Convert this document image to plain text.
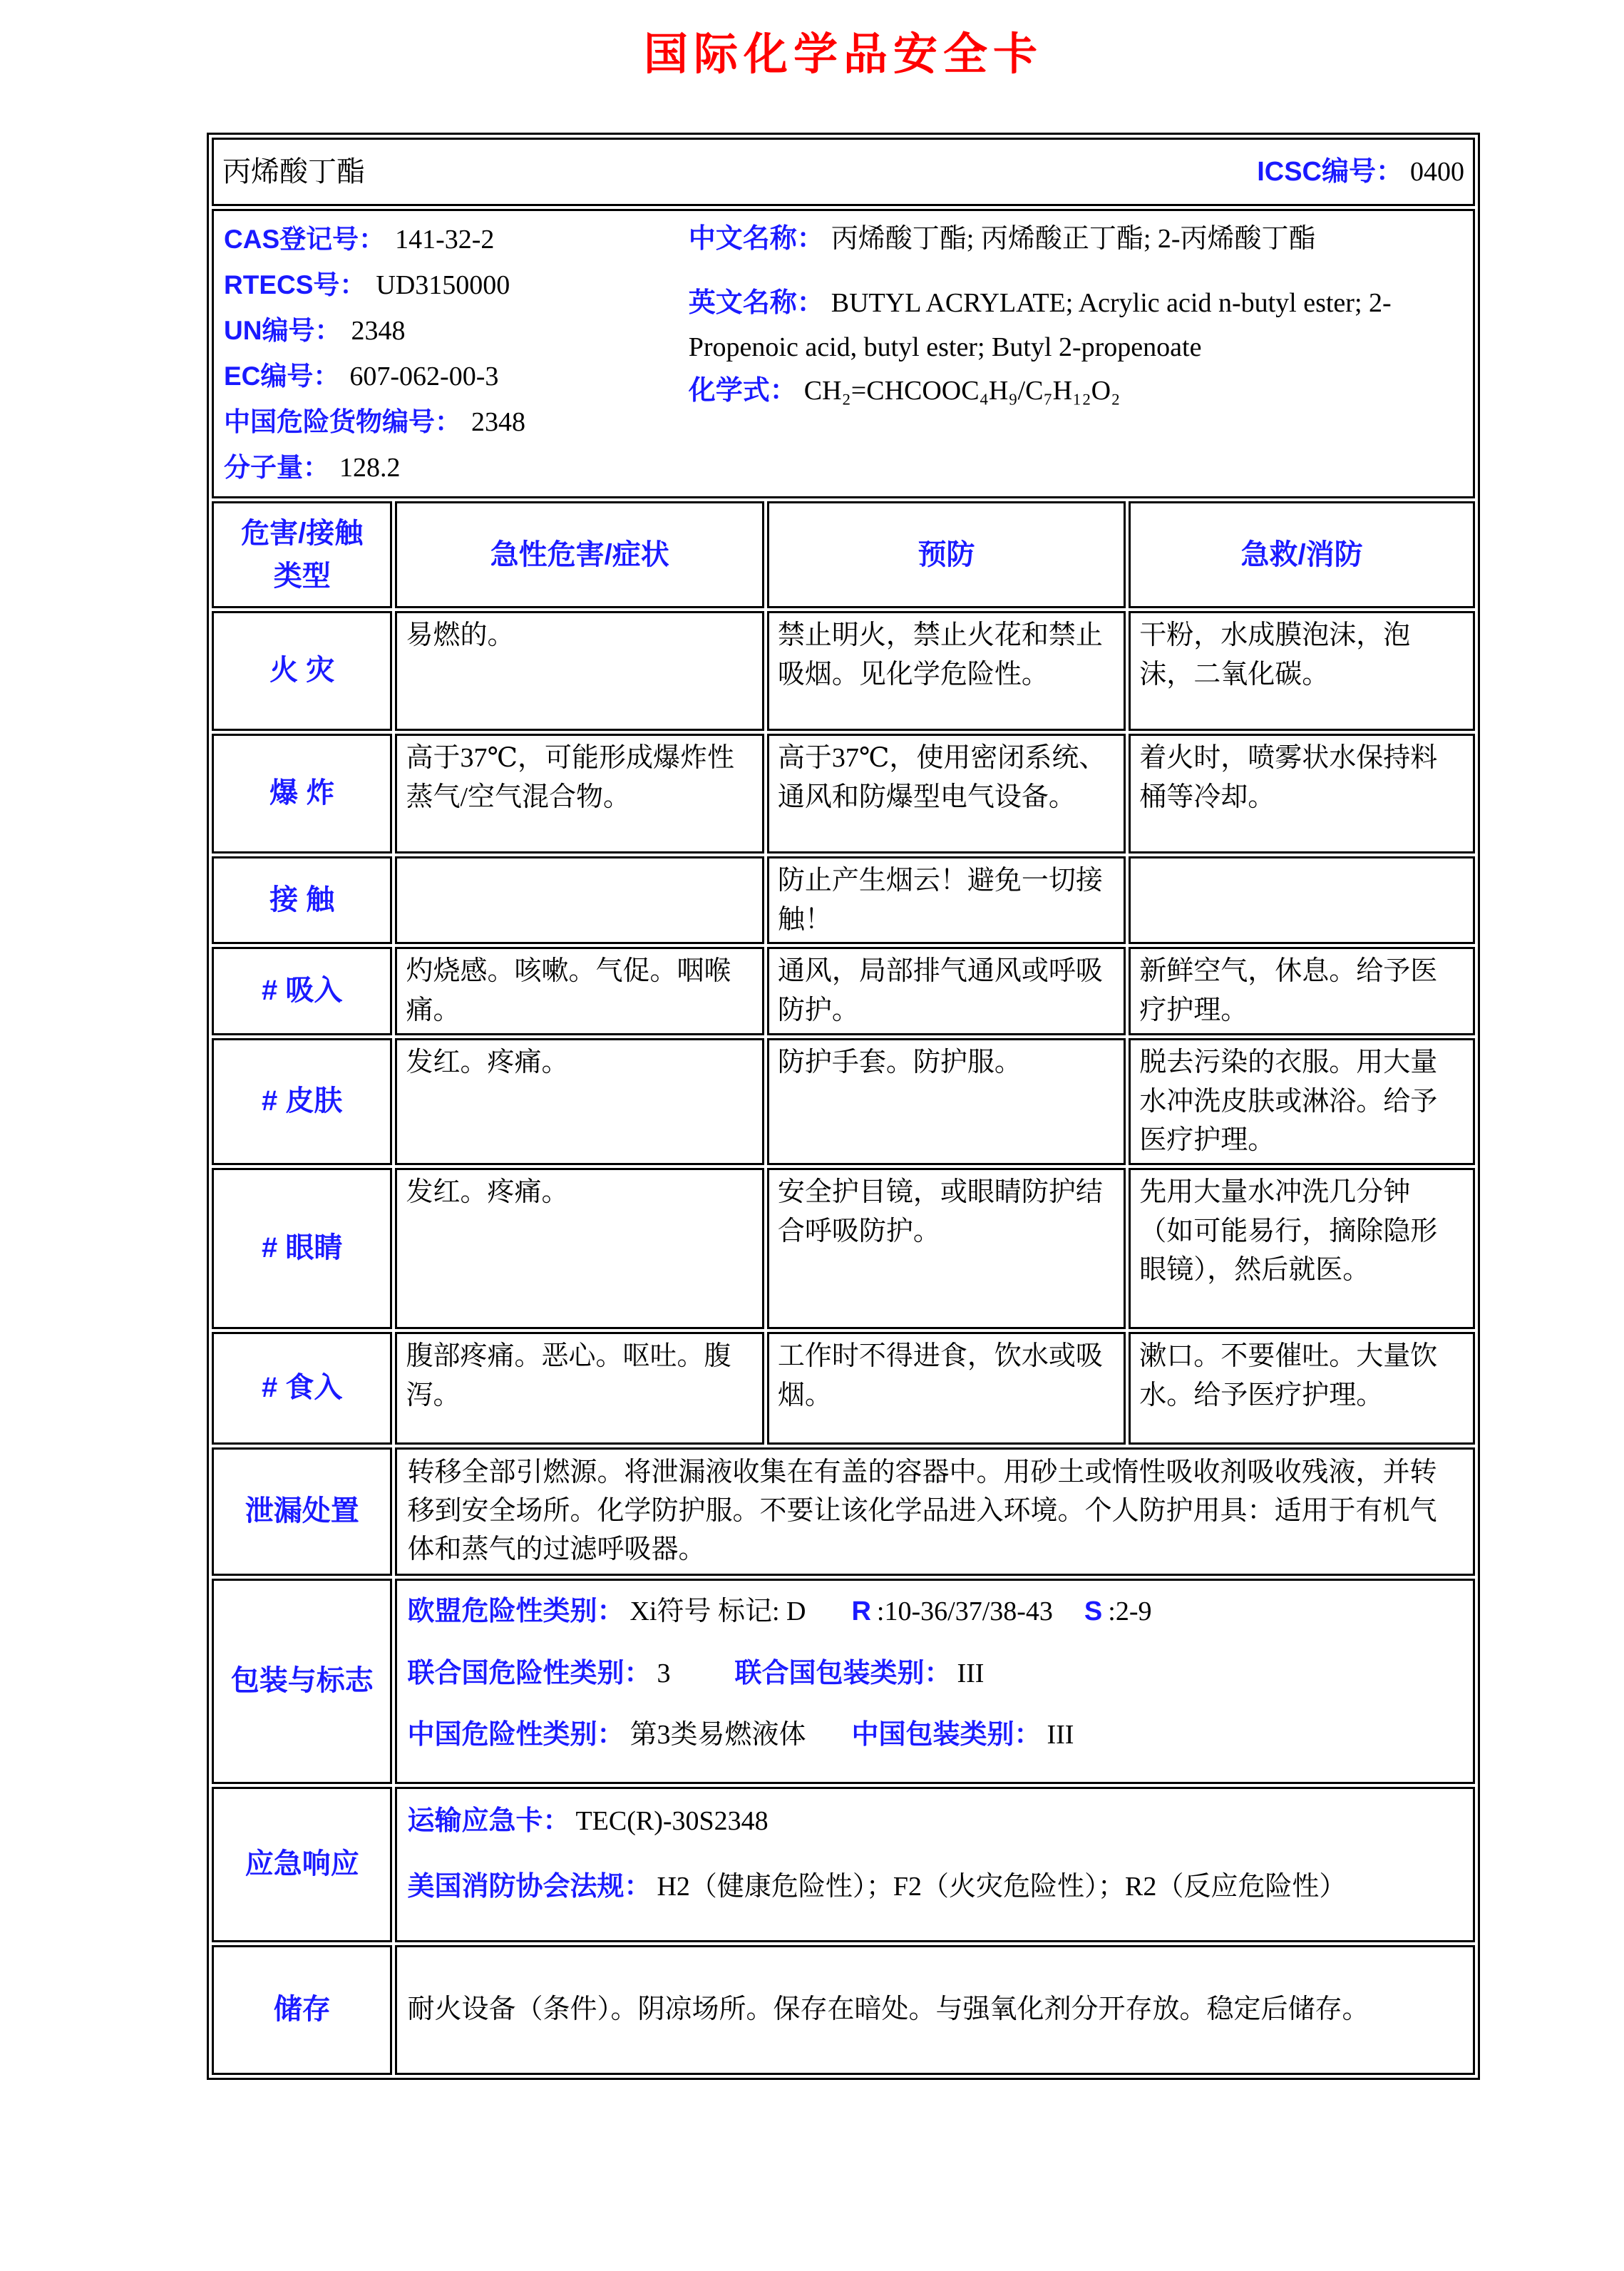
国际化学品安全卡
丙烯酸丁酯 ICSC编号： 0400			

CAS登记号： 141-32-2
RTECS号： UD3150000
UN编号： 2348
EC编号： 607-062-00-3
中国危险货物编号： 2348
分子量： 128.2
中文名称： 丙烯酸丁酯; 丙烯酸正丁酯; 2-丙烯酸丁酯
英文名称： BUTYL ACRYLATE; Acrylic acid n-butyl ester; 2-Propenoic acid, butyl ester; Butyl 2-propenoate
化学式： CH₂=CHCOOC₄H₉/C₇H₁₂O₂

危害/接触
类型	急性危害/症状	预防	急救/消防
火 灾	易燃的。	禁止明火，禁止火花和禁止吸烟。见化学危险性。	干粉，水成膜泡沫，泡沫，二氧化碳。
爆 炸	高于37℃，可能形成爆炸性蒸气/空气混合物。	高于37℃，使用密闭系统、通风和防爆型电气设备。	着火时，喷雾状水保持料桶等冷却。
接 触		防止产生烟云！避免一切接触！	
# 吸入	灼烧感。咳嗽。气促。咽喉痛。	通风，局部排气通风或呼吸防护。	新鲜空气，休息。给予医疗护理。
# 皮肤	发红。疼痛。	防护手套。防护服。	脱去污染的衣服。用大量水冲洗皮肤或淋浴。给予医疗护理。
# 眼睛	发红。疼痛。	安全护目镜，或眼睛防护结合呼吸防护。	先用大量水冲洗几分钟（如可能易行，摘除隐形眼镜），然后就医。
# 食入	腹部疼痛。恶心。呕吐。腹泻。	工作时不得进食，饮水或吸烟。	漱口。不要催吐。大量饮水。给予医疗护理。
泄漏处置	转移全部引燃源。将泄漏液收集在有盖的容器中。用砂土或惰性吸收剂吸收残液，并转移到安全场所。化学防护服。不要让该化学品进入环境。个人防护用具：适用于有机气体和蒸气的过滤呼吸器。		
包装与标志	欧盟危险性类别： Xi符号 标记: D R :10-36/37/38-43 S :2-9
联合国危险性类别： 3 联合国包装类别： III
中国危险性类别： 第3类易燃液体 中国包装类别： III		

应急响应	运输应急卡： TEC(R)-30S2348
美国消防协会法规： H2（健康危险性）；F2（火灾危险性）；R2（反应危险性）		

储存	耐火设备（条件）。阴凉场所。保存在暗处。与强氧化剂分开存放。稳定后储存。		
